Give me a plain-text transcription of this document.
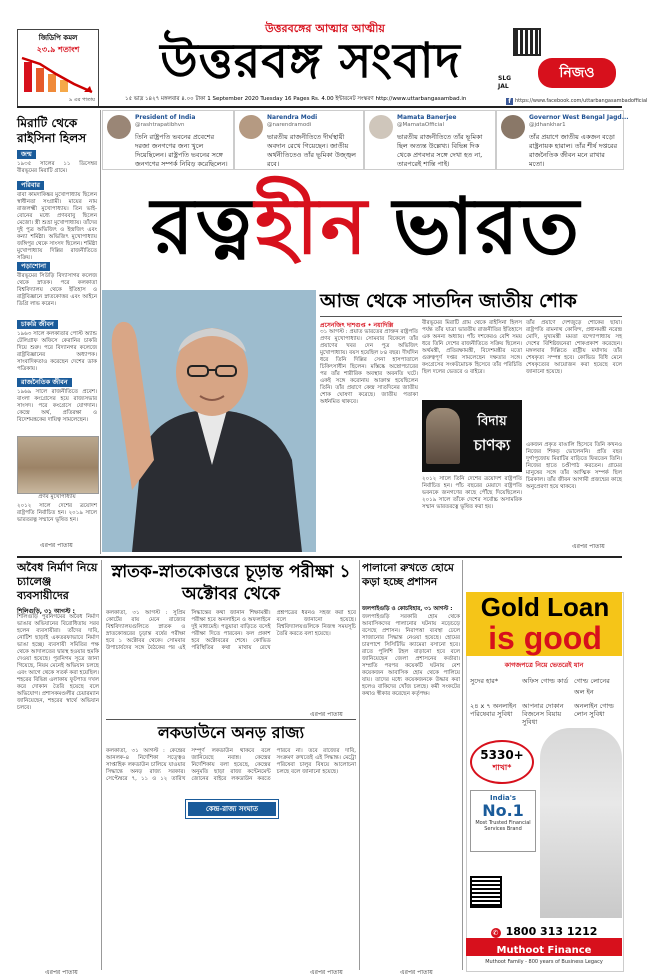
জিডিপি কমল
২৩.৯ শতাংশ
৯ এর পাতায়
উত্তরবঙ্গের আত্মার আত্মীয়
উত্তরবঙ্গ সংবাদ	SLG
JAL
নিজও
f https://www.facebook.com/uttarbangasambadofficial
১৫ ভাদ্র ১৪২৭ মঙ্গলবার ৪.০০ টাকা 1 September 2020 Tuesday 16 Pages Rs. 4.00 ইন্টারনেট সংস্করণ http://www.uttarbangasambad.in
President of India
@rashtrapatibhvn
তিনি রাষ্ট্রপতি ভবনের প্রবেশের দরজা জনগণের জন্য খুলে দিয়েছিলেন। রাষ্ট্রপতি ভবনের সঙ্গে জনগণের সম্পর্ক নিবিড় করেছিলেন।
Narendra Modi
@narendramodi
ভারতীয় রাজনীতিতে দীর্ঘস্থায়ী অবদান রেখে গিয়েছেন। জাতীয় অর্থনীতিতেও তাঁর ভূমিকা উজ্জ্বল রবে।
Mamata Banerjee
@MamataOfficial
ভারতীয় রাজনীতিতে তাঁর ভূমিকা ছিল অত্যন্ত উল্লেখ্য। বিভিন্ন দিক থেকে প্রণবদার সঙ্গে দেখা হত না, তারপরেই শান্তি পাই।
Governor West Bengal Jagd...
@jdhankhar1
তাঁর প্রয়াণে জাতীয় একজন বড়ো রাষ্ট্রনায়ক হারাল। তাঁর শীর্ষ দপ্তরের রাজনৈতিক জীবন মনে রাখার মতো।
মিরাটি থেকে রাইসিনা হিলস
জন্ম
১৯৩৫ সালের ১১ ডিসেম্বর বীরভূমের মিরাটি গ্রামে।
পরিবার
বাবা কামদাকিঙ্কর মুখোপাধ্যায় ছিলেন স্বাধীনতা সংগ্রামী। মায়ের নাম রাজলক্ষ্মী মুখোপাধ্যায়। তিন ভাই-বোনের মধ্যে প্রণববাবু ছিলেন মেজো। স্ত্রী শুভ্রা মুখোপাধ্যায়। তাঁদের দুই পুত্র অভিজিৎ ও ইন্দ্রজিৎ এবং কন্যা শর্মিষ্ঠা। অভিজিৎ মুখোপাধ্যায় জঙ্গিপুর থেকে সাংসদ ছিলেন। শর্মিষ্ঠা মুখোপাধ্যায় দিল্লির রাজনীতিতে সক্রিয়।
পড়াশোনা
বীরভূমের সিউড়ি বিদ্যাসাগর কলেজ থেকে স্নাতক। পরে কলকাতা বিশ্ববিদ্যালয় থেকে ইতিহাস ও রাষ্ট্রবিজ্ঞানে স্নাতকোত্তর এবং আইনে ডিগ্রি লাভ করেন।
চাকরি জীবন
১৯৬৩ সালে কলকাতার পোস্ট অ্যান্ড টেলিগ্রাফ অফিসে কেরানির চাকরি দিয়ে শুরু। পরে বিদ্যানগর কলেজে রাষ্ট্রবিজ্ঞানের অধ্যাপক। সাংবাদিকতাও করেছেন দেশের ডাক পত্রিকায়।
রাজনৈতিক জীবন
১৯৬৯ সালে রাজনীতিতে প্রবেশ। বাংলা কংগ্রেসের হয়ে রাজ্যসভার সাংসদ। পরে কংগ্রেসে যোগদান। কেন্দ্রে অর্থ, প্রতিরক্ষা ও বিদেশমন্ত্রকের দায়িত্ব সামলেছেন।
প্রণব মুখোপাধ্যায়
২০১২ সালে দেশের ত্রয়োদশ রাষ্ট্রপতি নির্বাচিত হন। ২০১৯ সালে ভারতরত্ন সম্মানে ভূষিত হন।
এরপর পাতায়
রত্নহীন ভারত
আজ থেকে সাতদিন জাতীয় শোক
প্রসেনজিৎ দাশগুপ্ত • নয়াদিল্লি
৩১ আগস্ট : প্রয়াত ভারতের প্রাক্তন রাষ্ট্রপতি প্রণব মুখোপাধ্যায়। সোমবার বিকেলে তাঁর প্রয়াণের খবর দেন পুত্র অভিজিৎ মুখোপাধ্যায়। বয়স হয়েছিল ৮৪ বছর। দীর্ঘদিন ধরে তিনি দিল্লির সেনা হাসপাতালে চিকিৎসাধীন ছিলেন। মস্তিষ্কে অস্ত্রোপচারের পর তাঁর শারীরিক অবস্থার অবনতি ঘটে। একই সঙ্গে করোনায় আক্রান্ত হয়েছিলেন তিনি। তাঁর প্রয়াণে কেন্দ্র সাতদিনের জাতীয় শোক ঘোষণা করেছে। জাতীয় পতাকা অর্ধনমিত থাকবে।
বীরভূমের মিরাটি গ্রাম থেকে রাইসিনা হিলস পর্যন্ত তাঁর যাত্রা ভারতীয় রাজনীতির ইতিহাসে এক অনন্য অধ্যায়। পাঁচ দশকেরও বেশি সময় ধরে তিনি দেশের রাজনীতিতে সক্রিয় ছিলেন। অর্থমন্ত্রী, প্রতিরক্ষামন্ত্রী, বিদেশমন্ত্রীর মতো গুরুত্বপূর্ণ দপ্তর সামলেছেন দক্ষতার সঙ্গে। কংগ্রেসের সংকটমোচক হিসেবে তাঁর পরিচিতি ছিল দলের ভেতরে ও বাইরে।
বিদায়
চাণক্য
২০১২ সালে তিনি দেশের ত্রয়োদশ রাষ্ট্রপতি নির্বাচিত হন। পাঁচ বছরের মেয়াদে রাষ্ট্রপতি ভবনকে জনগণের কাছে পৌঁছে দিয়েছিলেন। ২০১৯ সালে তাঁকে দেশের সর্বোচ্চ অসামরিক সম্মান ভারতরত্নে ভূষিত করা হয়।
তাঁর প্রয়াণে দেশজুড়ে শোকের ছায়া। রাষ্ট্রপতি রামনাথ কোবিন্দ, প্রধানমন্ত্রী নরেন্দ্র মোদি, মুখ্যমন্ত্রী মমতা বন্দ্যোপাধ্যায় সহ দেশের বিশিষ্টজনেরা শোকপ্রকাশ করেছেন। মঙ্গলবার দিল্লিতে রাষ্ট্রীয় মর্যাদায় তাঁর শেষকৃত্য সম্পন্ন হবে। কোভিড বিধি মেনে শেষকৃত্যের আয়োজন করা হয়েছে বলে জানানো হয়েছে।
একজন প্রকৃত বাঙালি হিসেবে তিনি কখনও নিজের শিকড় ভোলেননি। প্রতি বছর দুর্গাপুজোয় মিরাটির বাড়িতে ফিরতেন তিনি। নিজের হাতে চণ্ডীপাঠ করতেন। গ্রামের মানুষের সঙ্গে তাঁর আত্মিক সম্পর্ক ছিল চিরকাল। তাঁর জীবন আগামী প্রজন্মের কাছে অনুপ্রেরণা হয়ে থাকবে।
এরপর পাতায়
অবৈধ নির্মাণ নিয়ে চ্যালেঞ্জ ব্যবসায়ীদের
শিলিগুড়ি, ৩১ আগস্ট :
শিলিগুড়ি পুরনিগমের অবৈধ নির্মাণ ভাঙার অভিযানের বিরোধিতায় সরব হলেন ব্যবসায়ীরা। তাঁদের দাবি, নোটিশ ছাড়াই একতরফাভাবে নির্মাণ ভাঙা হচ্ছে। ব্যবসায়ী সমিতির পক্ষ থেকে আদালতের দ্বারস্থ হওয়ার হুমকি দেওয়া হয়েছে। পুরনিগম সূত্রে জানা গিয়েছে, নিয়ম মেনেই অভিযান চলছে এবং আগে থেকে সতর্ক করা হয়েছিল। শহরের বিভিন্ন এলাকায় ফুটপাত দখল করে দোকান তৈরি হয়েছে বলে অভিযোগ। প্রশাসকমণ্ডলীর চেয়ারম্যান জানিয়েছেন, শহরের স্বার্থে অভিযান চলবে।
এরপর পাতায়
স্নাতক-স্নাতকোত্তরে চূড়ান্ত পরীক্ষা ১ অক্টোবর থেকে
কলকাতা, ৩১ আগস্ট : সুপ্রিম কোর্টের রায় মেনে রাজ্যের বিশ্ববিদ্যালয়গুলিতে স্নাতক ও স্নাতকোত্তরের চূড়ান্ত বর্ষের পরীক্ষা হবে ১ অক্টোবর থেকে। সোমবার উপাচার্যদের সঙ্গে বৈঠকের পর এই সিদ্ধান্তের কথা জানান শিক্ষামন্ত্রী। পরীক্ষা হবে অনলাইনে ও অফলাইনে দুই মাধ্যমেই। পড়ুয়ারা বাড়িতে বসেই পরীক্ষা দিতে পারবেন। ফল প্রকাশ হবে অক্টোবরের শেষে। কোভিড পরিস্থিতির কথা মাথায় রেখে প্রশ্নপত্রের ধরনও সহজ করা হবে বলে জানানো হয়েছে। বিশ্ববিদ্যালয়গুলিকে নিজস্ব সময়সূচি তৈরি করতে বলা হয়েছে।
এরপর পাতায়
লকডাউনে অনড় রাজ্য
কলকাতা, ৩১ আগস্ট : কেন্দ্রের আনলক-৪ নির্দেশিকা সত্ত্বেও সাপ্তাহিক লকডাউন চালিয়ে যাওয়ার সিদ্ধান্তে অনড় রাজ্য সরকার। সেপ্টেম্বরে ৭, ১১ ও ১২ তারিখ সম্পূর্ণ লকডাউন থাকবে বলে জানিয়েছে নবান্ন। কেন্দ্রের নির্দেশিকায় বলা হয়েছে, কেন্দ্রের অনুমতি ছাড়া রাজ্য কন্টেনমেন্ট জোনের বাইরে লকডাউন করতে পারবে না। তবে রাজ্যের দাবি, সংক্রমণ রুখতেই এই সিদ্ধান্ত। মেট্রো পরিষেবা চালুর বিষয়ে আলোচনা চলছে বলে জানানো হয়েছে।
কেন্দ্র-রাজ্য সংঘাত
এরপর পাতায়
পালানো রুখতে হোমে কড়া হচ্ছে প্রশাসন
জলপাইগুড়ি ও কোচবিহার, ৩১ আগস্ট :
জলপাইগুড়ি সরকারি হোম থেকে আবাসিকদের পালানোর ঘটনায় নড়েচড়ে বসেছে প্রশাসন। নিরাপত্তা ব্যবস্থা ঢেলে সাজানোর সিদ্ধান্ত নেওয়া হয়েছে। হোমের চারপাশে সিসিটিভি ক্যামেরা বসানো হবে। রাতে পুলিশি টহল বাড়ানো হবে বলে জানিয়েছেন জেলা প্রশাসনের কর্তারা। সম্প্রতি পরপর কয়েকটি ঘটনায় বেশ কয়েকজন আবাসিক হোম থেকে পালিয়ে যায়। তাদের মধ্যে কয়েকজনকে উদ্ধার করা হলেও বাকিদের খোঁজ চলছে। কর্মী সংকটের কথাও স্বীকার করেছেন কর্তৃপক্ষ।
এরপর পাতায়
Gold Loan
is good
কাগজপত্রে নিয়ে ভেতরেই যান
সুদের হার*	অফিস গোল্ড কার্ড গোল্ড লোনের অল ইন
২৪ x ৭ অনলাইন পরিষেবার সুবিধা
আপনার দোকান বিজনেস বিয়ায় সুবিধা
অনলাইন গোল্ড লোন সুবিধা
5330+
শাখা*
India's
No.1
Most Trusted Financial Services Brand
✆ 1800 313 1212
Muthoot Finance
Muthoot Family - 800 years of Business Legacy
